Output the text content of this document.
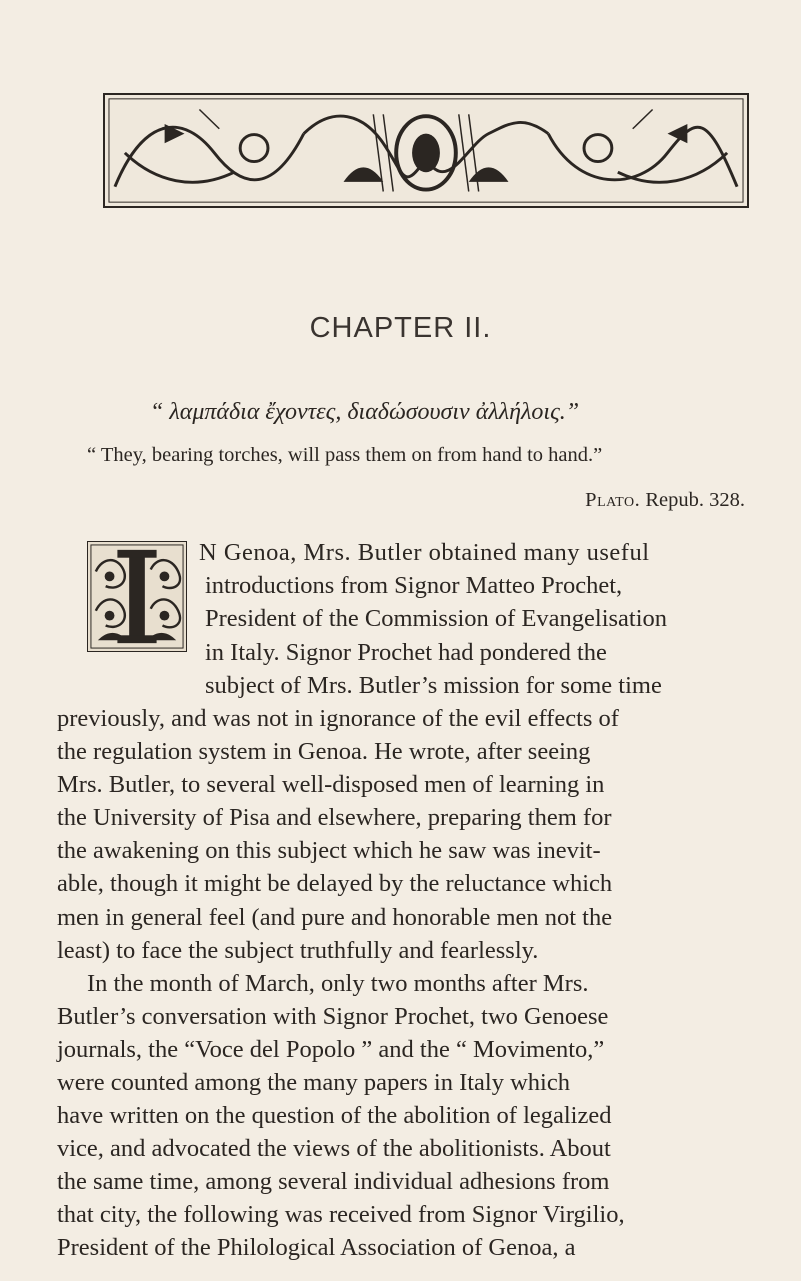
CHAPTER II.
“ λαμπάδια ἔχοντες, διαδώσουσιν ἀλλήλοις.”
“ They, bearing torches, will pass them on from hand to hand.”
Plato. Repub. 328.
N Genoa, Mrs. Butler obtained many useful
introductions from Signor Matteo Prochet,
President of the Commission of Evangelisation
in Italy. Signor Prochet had pondered the
subject of Mrs. Butler’s mission for some time
previously, and was not in ignorance of the evil effects of
the regulation system in Genoa. He wrote, after seeing
Mrs. Butler, to several well-disposed men of learning in
the University of Pisa and elsewhere, preparing them for
the awakening on this subject which he saw was inevit-
able, though it might be delayed by the reluctance which
men in general feel (and pure and honorable men not the
least) to face the subject truthfully and fearlessly.
In the month of March, only two months after Mrs.
Butler’s conversation with Signor Prochet, two Genoese
journals, the “Voce del Popolo ” and the “ Movimento,”
were counted among the many papers in Italy which
have written on the question of the abolition of legalized
vice, and advocated the views of the abolitionists. About
the same time, among several individual adhesions from
that city, the following was received from Signor Virgilio,
President of the Philological Association of Genoa, a
